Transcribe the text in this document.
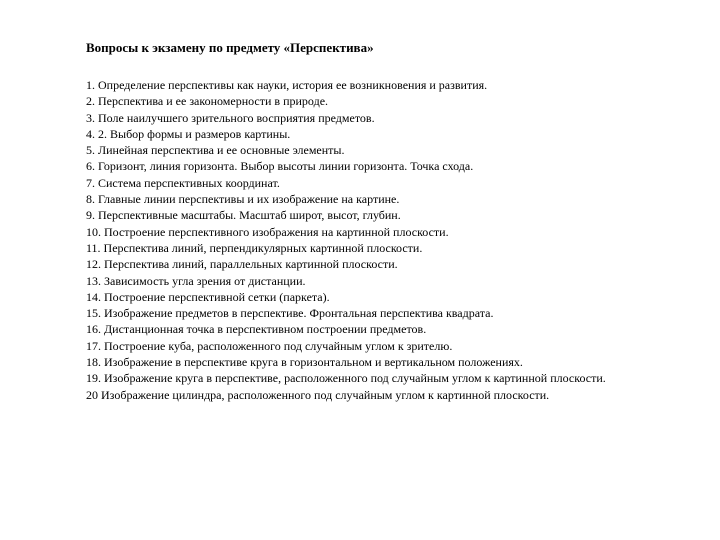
Вопросы к экзамену по предмету «Перспектива»
1. Определение перспективы как науки, история ее возникновения и развития.
2. Перспектива и ее закономерности в природе.
3. Поле наилучшего зрительного восприятия предметов.
4. 2. Выбор формы и размеров картины.
5. Линейная перспектива и ее основные элементы.
6. Горизонт, линия горизонта. Выбор высоты линии горизонта. Точка схода.
7. Система перспективных координат.
8. Главные линии перспективы и их изображение на картине.
9. Перспективные масштабы. Масштаб широт, высот, глубин.
10. Построение перспективного изображения на картинной плоскости.
11. Перспектива линий, перпендикулярных картинной плоскости.
12. Перспектива линий, параллельных картинной плоскости.
13. Зависимость угла зрения от дистанции.
14. Построение перспективной сетки (паркета).
15. Изображение предметов в перспективе. Фронтальная перспектива квадрата.
16. Дистанционная точка в перспективном построении предметов.
17. Построение куба, расположенного под случайным углом к зрителю.
18. Изображение в перспективе круга в горизонтальном и вертикальном положениях.
19. Изображение круга в перспективе, расположенного под случайным углом к картинной плоскости.
20 Изображение цилиндра, расположенного под случайным углом к картинной плоскости.
